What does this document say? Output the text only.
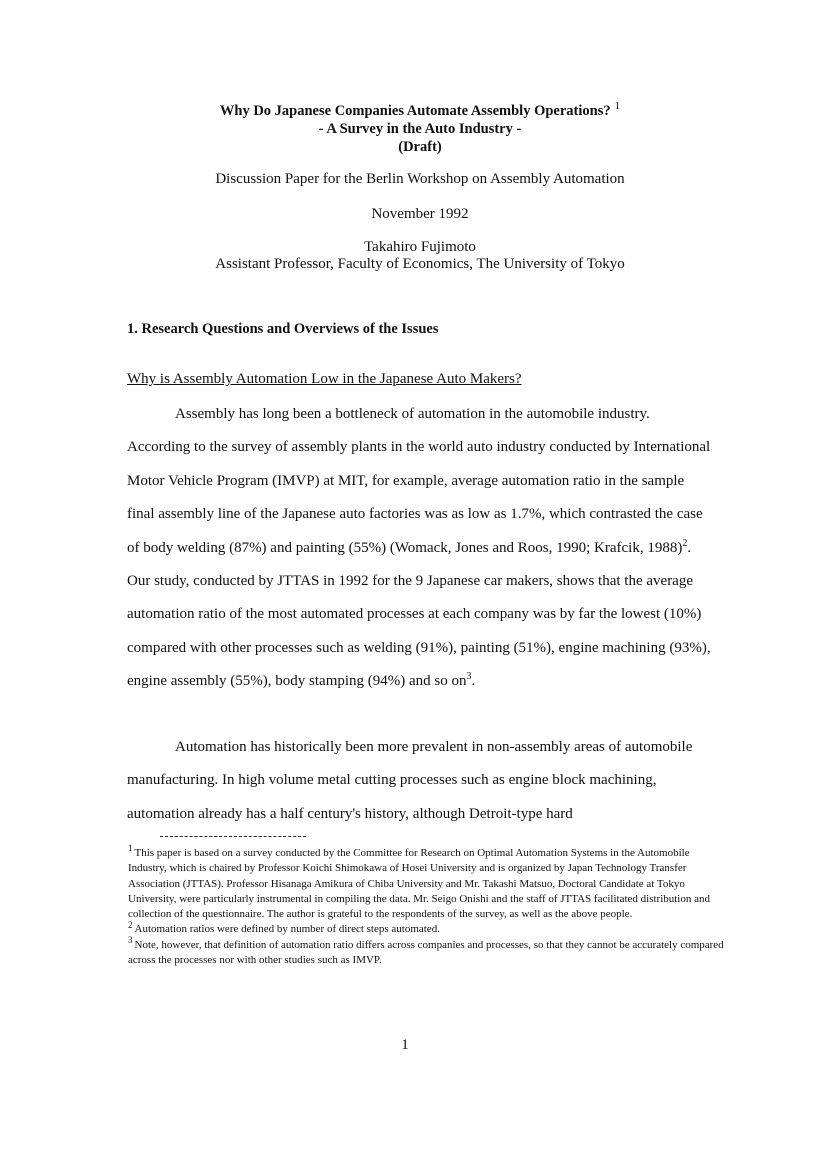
Why Do Japanese Companies Automate Assembly Operations? $^1$
- A Survey in the Auto Industry -
(Draft)
Discussion Paper for the Berlin Workshop on Assembly Automation
November 1992
Takahiro Fujimoto
Assistant Professor, Faculty of Economics, The University of Tokyo
1. Research Questions and Overviews of the Issues
Why is Assembly Automation Low in the Japanese Auto Makers?
Assembly has long been a bottleneck of automation in the automobile industry. According to the survey of assembly plants in the world auto industry conducted by International Motor Vehicle Program (IMVP) at MIT, for example, average automation ratio in the sample final assembly line of the Japanese auto factories was as low as 1.7%, which contrasted the case of body welding (87%) and painting (55%) (Womack, Jones and Roos, 1990; Krafcik, 1988)$^2$. Our study, conducted by JTTAS in 1992 for the 9 Japanese car makers, shows that the average automation ratio of the most automated processes at each company was by far the lowest (10%) compared with other processes such as welding (91%), painting (51%), engine machining (93%), engine assembly (55%), body stamping (94%) and so on$^3$.
Automation has historically been more prevalent in non-assembly areas of automobile manufacturing. In high volume metal cutting processes such as engine block machining, automation already has a half century's history, although Detroit-type hard

$^1$ This paper is based on a survey conducted by the Committee for Research on Optimal Automation Systems in the Automobile Industry, which is chaired by Professor Koichi Shimokawa of Hosei University and is organized by Japan Technology Transfer Association (JTTAS). Professor Hisanaga Amikura of Chiba University and Mr. Takashi Matsuo, Doctoral Candidate at Tokyo University, were particularly instrumental in compiling the data. Mr. Seigo Onishi and the staff of JTTAS facilitated distribution and collection of the questionnaire. The author is grateful to the respondents of the survey, as well as the above people.

$^2$ Automation ratios were defined by number of direct steps automated.

$^3$ Note, however, that definition of automation ratio differs across companies and processes, so that they cannot be accurately compared across the processes nor with other studies such as IMVP.

1
